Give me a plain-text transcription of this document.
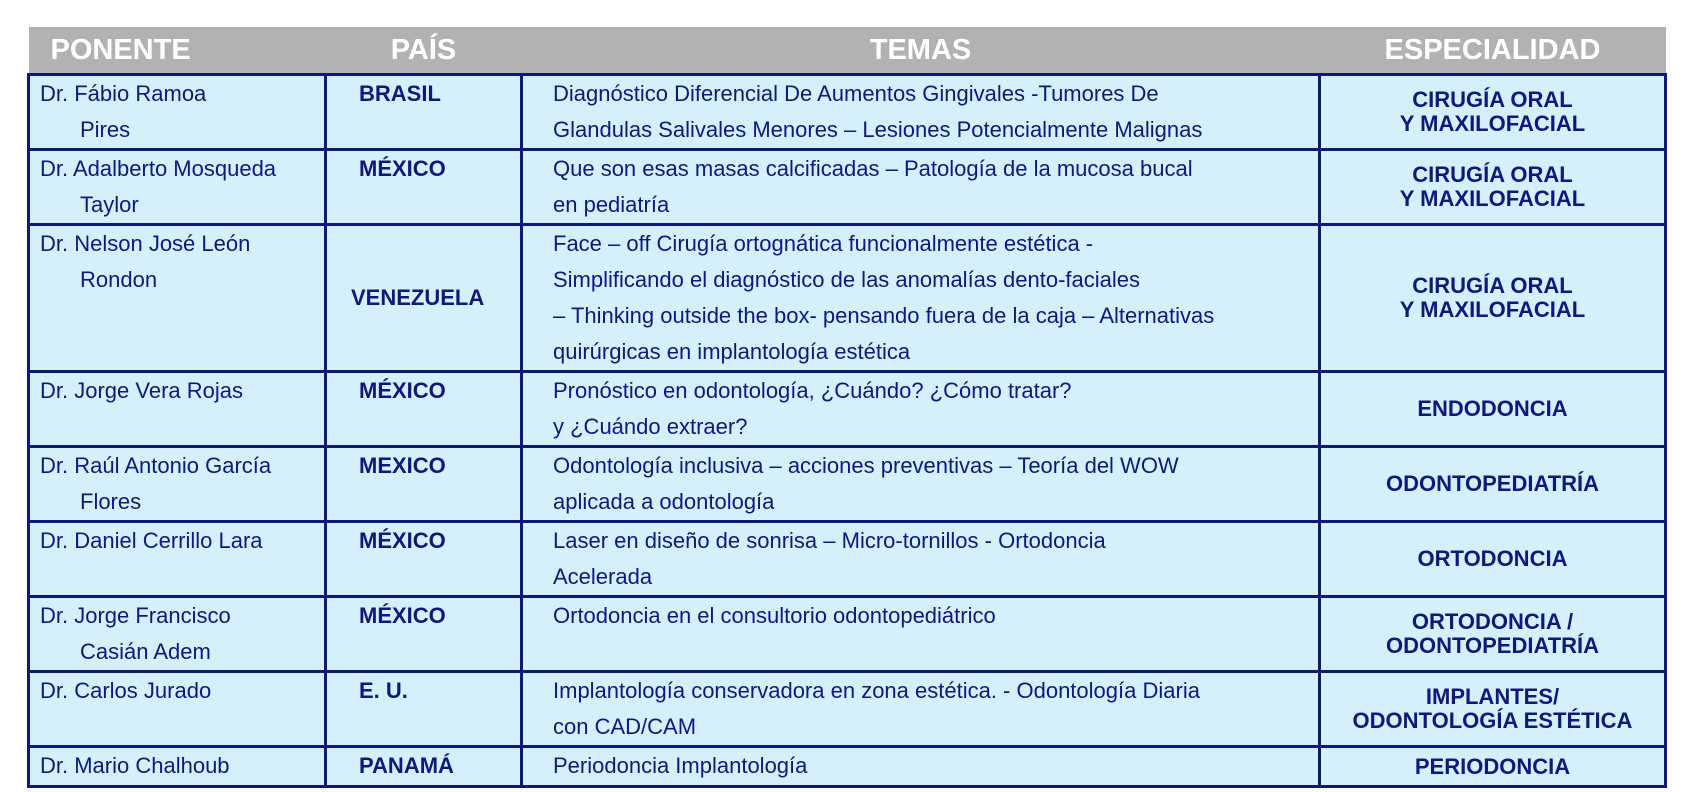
PONENTE	PAÍS	TEMAS	ESPECIALIDAD
Dr. Fábio Ramoa
Pires	BRASIL	Diagnóstico Diferencial De Aumentos Gingivales -Tumores De
Glandulas Salivales Menores – Lesiones Potencialmente Malignas	CIRUGÍA ORAL
Y MAXILOFACIAL

Dr. Adalberto Mosqueda
Taylor	MÉXICO	Que son esas masas calcificadas – Patología de la mucosa bucal
en pediatría	CIRUGÍA ORAL
Y MAXILOFACIAL

Dr. Nelson José León
Rondon	VENEZUELA	Face – off Cirugía ortognática funcionalmente estética -
Simplificando el diagnóstico de las anomalías dento-faciales
– Thinking outside the box- pensando fuera de la caja – Alternativas
quirúrgicas en implantología estética	CIRUGÍA ORAL
Y MAXILOFACIAL

Dr. Jorge Vera Rojas	MÉXICO	Pronóstico en odontología, ¿Cuándo? ¿Cómo tratar?
y ¿Cuándo extraer?	ENDODONCIA

Dr. Raúl Antonio García
Flores	MEXICO	Odontología inclusiva – acciones preventivas – Teoría del WOW
aplicada a odontología	ODONTOPEDIATRÍA

Dr. Daniel Cerrillo Lara	MÉXICO	Laser en diseño de sonrisa – Micro-tornillos - Ortodoncia
Acelerada	ORTODONCIA

Dr. Jorge Francisco
Casián Adem	MÉXICO	Ortodoncia en el consultorio odontopediátrico	ORTODONCIA /
ODONTOPEDIATRÍA

Dr. Carlos Jurado	E. U.	Implantología conservadora en zona estética. - Odontología Diaria
con CAD/CAM	IMPLANTES/
ODONTOLOGÍA ESTÉTICA

Dr. Mario Chalhoub	PANAMÁ	Periodoncia Implantología	PERIODONCIA
